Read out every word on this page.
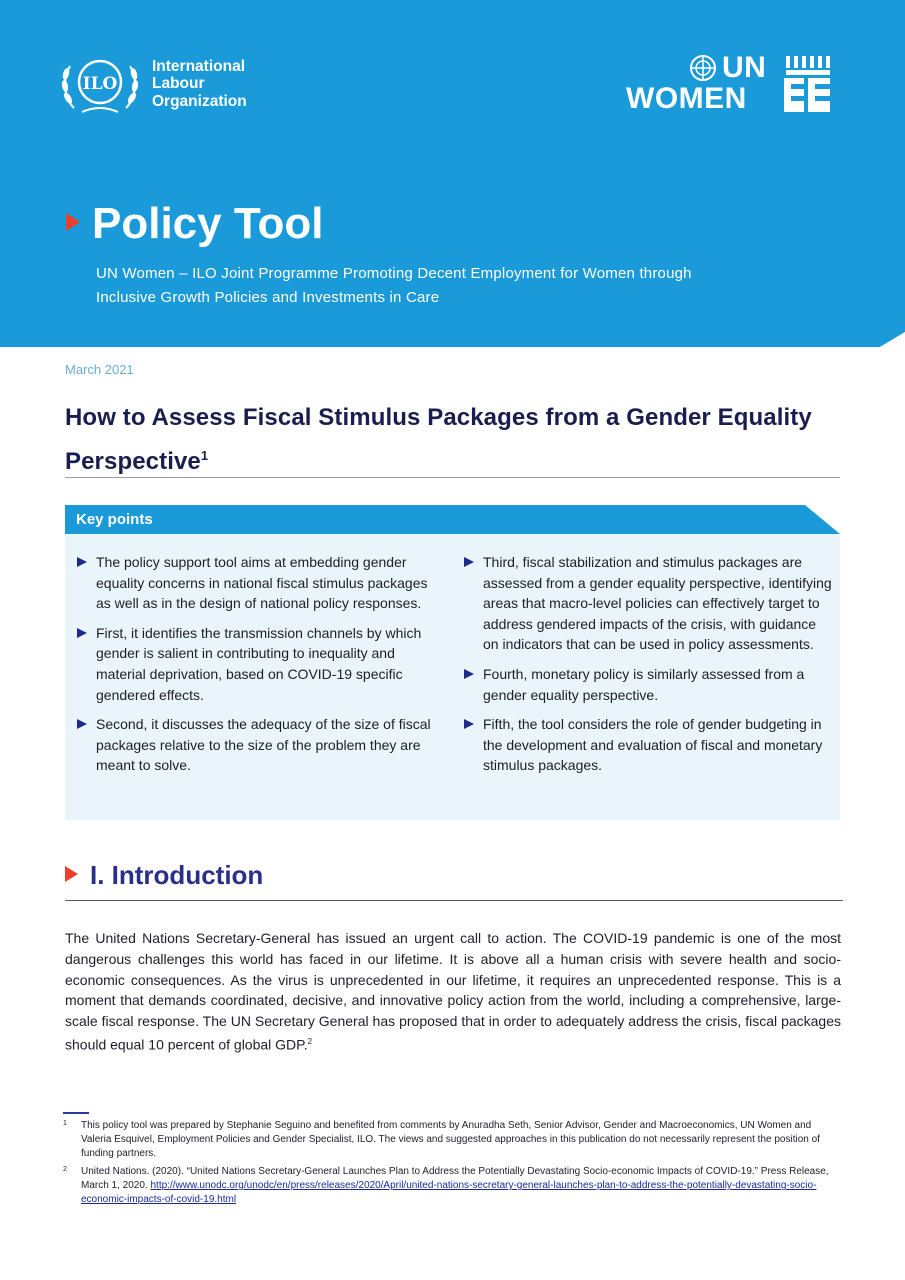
ILO
International
Labour
Organization
UN
WOMEN
Policy Tool
UN Women – ILO Joint Programme Promoting Decent Employment for Women through Inclusive Growth Policies and Investments in Care
March 2021
How to Assess Fiscal Stimulus Packages from a Gender Equality Perspective$^1$
Key points
The policy support tool aims at embedding gender equality concerns in national fiscal stimulus packages as well as in the design of national policy responses.
First, it identifies the transmission channels by which gender is salient in contributing to inequality and material deprivation, based on COVID-19 specific gendered effects.
Second, it discusses the adequacy of the size of fiscal packages relative to the size of the problem they are meant to solve.
Third, fiscal stabilization and stimulus packages are assessed from a gender equality perspective, identifying areas that macro-level policies can effectively target to address gendered impacts of the crisis, with guidance on indicators that can be used in policy assessments.
Fourth, monetary policy is similarly assessed from a gender equality perspective.
Fifth, the tool considers the role of gender budgeting in the development and evaluation of fiscal and monetary stimulus packages.
I. Introduction
The United Nations Secretary-General has issued an urgent call to action. The COVID-19 pandemic is one of the most dangerous challenges this world has faced in our lifetime. It is above all a human crisis with severe health and socio-economic consequences. As the virus is unprecedented in our lifetime, it requires an unprecedented response. This is a moment that demands coordinated, decisive, and innovative policy action from the world, including a comprehensive, large-scale fiscal response. The UN Secretary General has proposed that in order to adequately address the crisis, fiscal packages should equal 10 percent of global GDP.$^2$
1 This policy tool was prepared by Stephanie Seguino and benefited from comments by Anuradha Seth, Senior Advisor, Gender and Macroeconomics, UN Women and Valeria Esquivel, Employment Policies and Gender Specialist, ILO. The views and suggested approaches in this publication do not necessarily represent the position of funding partners.
2 United Nations. (2020). “United Nations Secretary-General Launches Plan to Address the Potentially Devastating Socio-economic Impacts of COVID-19.” Press Release, March 1, 2020. http://www.unodc.org/unodc/en/press/releases/2020/April/united-nations-secretary-general-launches-plan-to-address-the-potentially-devastating-socio-economic-impacts-of-covid-19.html
